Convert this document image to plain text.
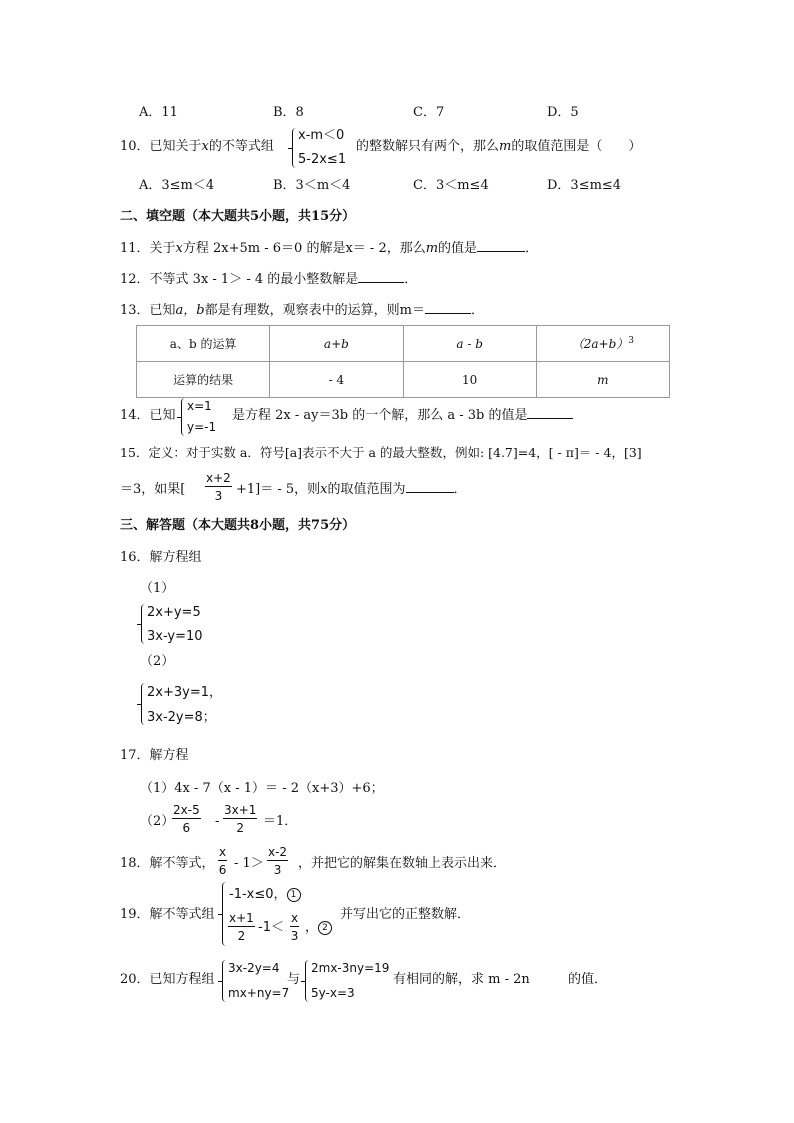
A．11	B．8	C．7	D．5
10．已知关于x的不等式组
x-m＜0
5-2x≤1
的整数解只有两个，那么m的取值范围是（　　）
A．3≤m＜4	B．3＜m＜4	C．3＜m≤4	D．3≤m≤4
二、填空题（本大题共5小题，共15分）
11．关于x方程 2x+5m - 6＝0 的解是x＝ - 2，那么m的值是	．
12．不等式 3x - 1＞ - 4 的最小整数解是	．
13．已知a，b都是有理数，观察表中的运算，则m＝	．
a、b 的运算	a+b	a - b	$(2a+b)^3$
运算的结果	- 4	10	m
14．已知
x=1
y=-1
是方程 2x - ay＝3b 的一个解，那么 a - 3b 的值是
15．定义：对于实数 a．符号[a]表示不大于 a 的最大整数，例如: [4.7]=4，[ - π]＝ - 4，[3]
＝3，如果[ $\frac{x+2}{3} +1]= - 5$，则x的取值范围为	．
三、解答题（本大题共8小题，共75分）
16．解方程组
（1）
2x+y=5
3x-y=10
（2）
2x+3y=1，
3x-2y=8；
17．解方程
（1）4x - 7（x - 1）＝ - 2（x+3）+6；
（2）
$\frac{2x-5}{6} - \frac{3x+1}{2} =1$．
18．解不等式， $\frac{x}{6} - 1> \frac{x-2}{3}$ ，并把它的解集在数轴上表示出来．
19．解不等式组
-1-x≤0， 1
$\frac{x+1}{2} -1< \frac{x}{3}$ ， 2
并写出它的正整数解．
20．已知方程组
3x-2y=4
mx+ny=7
与
2mx-3ny=19
5y-x=3
有相同的解，求 m - 2n	的值．
